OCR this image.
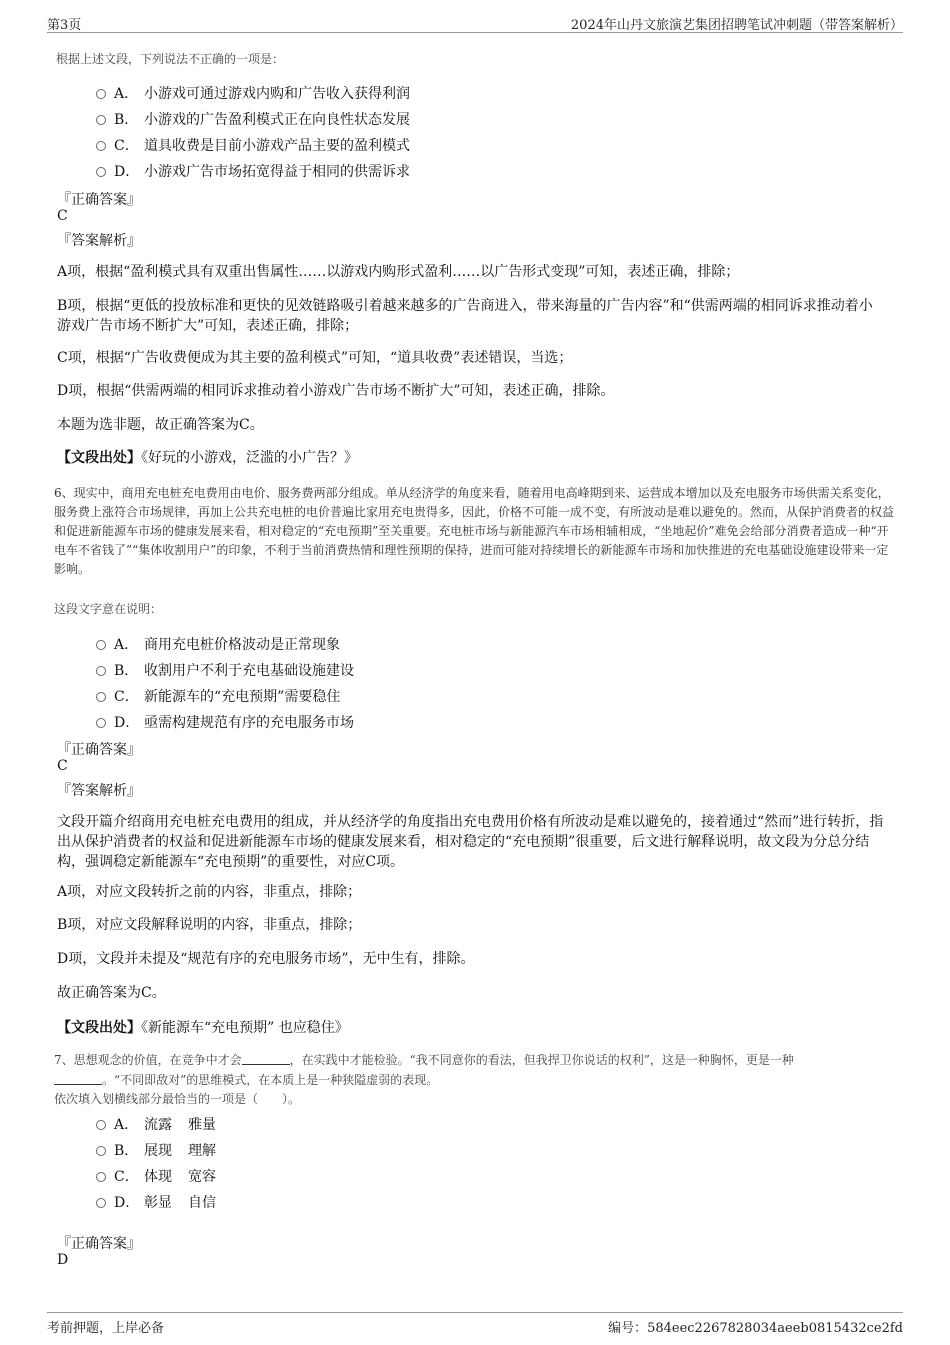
第3页	2024年山丹文旅演艺集团招聘笔试冲刺题（带答案解析）
根据上述文段，下列说法不正确的一项是：
A． 小游戏可通过游戏内购和广告收入获得利润
B． 小游戏的广告盈利模式正在向良性状态发展
C． 道具收费是目前小游戏产品主要的盈利模式
D． 小游戏广告市场拓宽得益于相同的供需诉求
『正确答案』
C
『答案解析』
A项，根据“盈利模式具有双重出售属性……以游戏内购形式盈利……以广告形式变现”可知，表述正确，排除；
B项，根据“更低的投放标准和更快的见效链路吸引着越来越多的广告商进入，带来海量的广告内容”和“供需两端的相同诉求推动着小游戏广告市场不断扩大”可知，表述正确，排除；
C项，根据“广告收费便成为其主要的盈利模式”可知，“道具收费”表述错误，当选；
D项，根据“供需两端的相同诉求推动着小游戏广告市场不断扩大”可知，表述正确，排除。
本题为选非题，故正确答案为C。
【文段出处】《好玩的小游戏，泛滥的小广告？》
6、现实中，商用充电桩充电费用由电价、服务费两部分组成。单从经济学的角度来看，随着用电高峰期到来、运营成本增加以及充电服务市场供需关系变化，服务费上涨符合市场规律，再加上公共充电桩的电价普遍比家用充电贵得多，因此，价格不可能一成不变，有所波动是难以避免的。然而，从保护消费者的权益和促进新能源车市场的健康发展来看，相对稳定的“充电预期”至关重要。充电桩市场与新能源汽车市场相辅相成，“坐地起价”难免会给部分消费者造成一种“开电车不省钱了”“集体收割用户”的印象，不利于当前消费热情和理性预期的保持，进而可能对持续增长的新能源车市场和加快推进的充电基础设施建设带来一定影响。
这段文字意在说明：
A． 商用充电桩价格波动是正常现象
B． 收割用户不利于充电基础设施建设
C． 新能源车的“充电预期”需要稳住
D． 亟需构建规范有序的充电服务市场
『正确答案』
C
『答案解析』
文段开篇介绍商用充电桩充电费用的组成，并从经济学的角度指出充电费用价格有所波动是难以避免的，接着通过“然而”进行转折，指出从保护消费者的权益和促进新能源车市场的健康发展来看，相对稳定的“充电预期”很重要，后文进行解释说明，故文段为分总分结构，强调稳定新能源车“充电预期”的重要性，对应C项。
A项，对应文段转折之前的内容，非重点，排除；
B项，对应文段解释说明的内容，非重点，排除；
D项，文段并未提及“规范有序的充电服务市场”，无中生有，排除。
故正确答案为C。
【文段出处】《新能源车“充电预期” 也应稳住》
7、思想观念的价值，在竞争中才会	，在实践中才能检验。“我不同意你的看法，但我捍卫你说话的权利”，这是一种胸怀，更是一种
。“不同即敌对”的思维模式，在本质上是一种狭隘虚弱的表现。
依次填入划横线部分最恰当的一项是（　　）。
A． 流露 雅量
B． 展现 理解
C． 体现 宽容
D． 彰显 自信
『正确答案』
D
考前押题，上岸必备	编号：584eec2267828034aeeb0815432ce2fd
